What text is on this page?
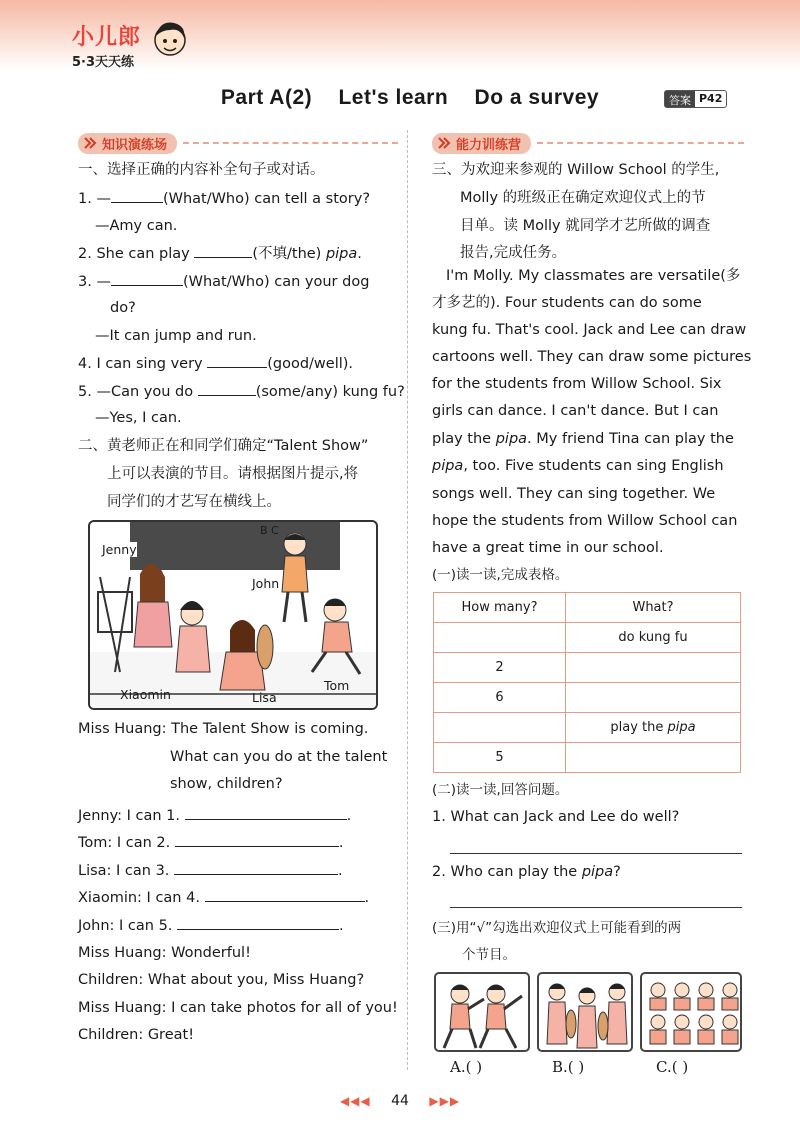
小儿郎
5·3天天练
Part A(2) Let's learn Do a survey	答案 P42
知识演练场
一、选择正确的内容补全句子或对话。
1. —	(What/Who) can tell a story?
—Amy can.
2. She can play	(不填/the) pipa.
3. —	(What/Who) can your dog
do?
—It can jump and run.
4. I can sing very	(good/well).
5. —Can you do	(some/any) kung fu?
—Yes, I can.
二、黄老师正在和同学们确定“Talent Show”
上可以表演的节目。请根据图片提示,将
同学们的才艺写在横线上。
Jenny
John
Xiaomin	Lisa
Tom
B C
Miss Huang: The Talent Show is coming.
What can you do at the talent
show, children?
Jenny: I can 1.	.
Tom: I can 2.	.
Lisa: I can 3.	.
Xiaomin: I can 4.	.
John: I can 5.	.
Miss Huang: Wonderful!
Children: What about you, Miss Huang?
Miss Huang: I can take photos for all of you!
Children: Great!
能力训练营
三、为欢迎来参观的 Willow School 的学生,
Molly 的班级正在确定欢迎仪式上的节
目单。读 Molly 就同学才艺所做的调查
报告,完成任务。
I'm Molly. My classmates are versatile(多
才多艺的). Four students can do some
kung fu. That's cool. Jack and Lee can draw
cartoons well. They can draw some pictures
for the students from Willow School. Six
girls can dance. I can't dance. But I can
play the pipa. My friend Tina can play the
pipa, too. Five students can sing English
songs well. They can sing together. We
hope the students from Willow School can
have a great time in our school.
(一)读一读,完成表格。
How many?	What?
	do kung fu
2	
6	
	play the pipa
5	
(二)读一读,回答问题。
1. What can Jack and Lee do well?
2. Who can play the pipa?
(三)用“√”勾选出欢迎仪式上可能看到的两
个节目。
A.( )	B.( )	C.( )
◀◀◀ 44 ▶▶▶
